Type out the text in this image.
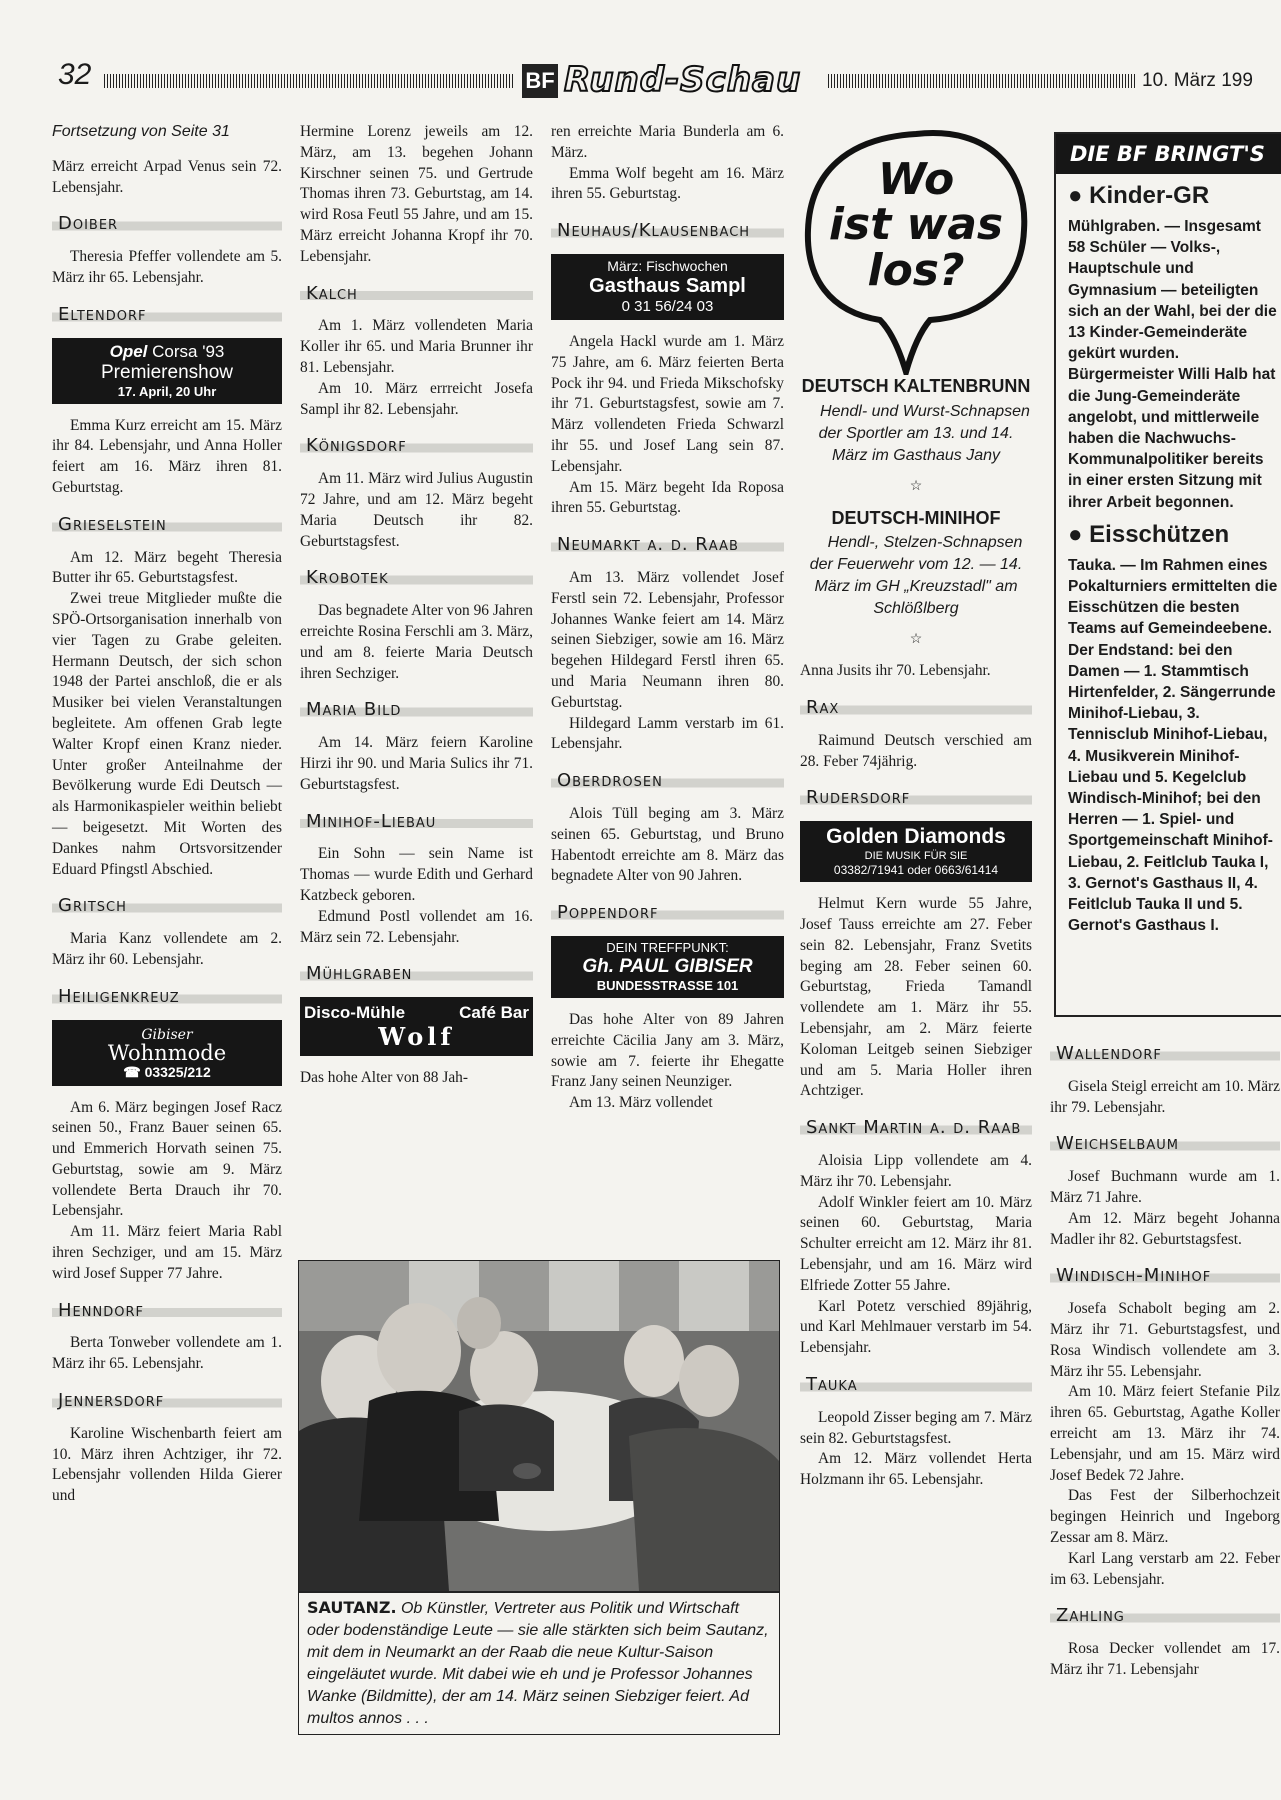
32	BF Rund-Schau	10. März 199
Fortsetzung von Seite 31

März erreicht Arpad Venus sein 72. Lebensjahr.

Doiber

Theresia Pfeffer vollendete am 5. März ihr 65. Lebensjahr.

Eltendorf
Opel Corsa '93
Premierenshow
17. April, 20 Uhr

Emma Kurz erreicht am 15. März ihr 84. Lebensjahr, und Anna Holler feiert am 16. März ihren 81. Geburtstag.

Grieselstein

Am 12. März begeht Theresia Butter ihr 65. Geburtstagsfest.

Zwei treue Mitglieder mußte die SPÖ-Ortsorganisation innerhalb von vier Tagen zu Grabe geleiten. Hermann Deutsch, der sich schon 1948 der Partei anschloß, die er als Musiker bei vielen Veranstaltungen begleitete. Am offenen Grab legte Walter Kropf einen Kranz nieder. Unter großer Anteilnahme der Bevölkerung wurde Edi Deutsch — als Harmonikaspieler weithin beliebt — beigesetzt. Mit Worten des Dankes nahm Ortsvorsitzender Eduard Pfingstl Abschied.

Gritsch

Maria Kanz vollendete am 2. März ihr 60. Lebensjahr.

Heiligenkreuz
Gibiser
Wohnmode
☎ 03325/212

Am 6. März begingen Josef Racz seinen 50., Franz Bauer seinen 65. und Emmerich Horvath seinen 75. Geburtstag, sowie am 9. März vollendete Berta Drauch ihr 70. Lebensjahr.

Am 11. März feiert Maria Rabl ihren Sechziger, und am 15. März wird Josef Supper 77 Jahre.

Henndorf

Berta Tonweber vollendete am 1. März ihr 65. Lebensjahr.

Jennersdorf

Karoline Wischenbarth feiert am 10. März ihren Achtziger, ihr 72. Lebensjahr vollenden Hilda Gierer und

Hermine Lorenz jeweils am 12. März, am 13. begehen Johann Kirschner seinen 75. und Gertrude Thomas ihren 73. Geburtstag, am 14. wird Rosa Feutl 55 Jahre, und am 15. März erreicht Johanna Kropf ihr 70. Lebensjahr.

Kalch

Am 1. März vollendeten Maria Koller ihr 65. und Maria Brunner ihr 81. Lebensjahr.

Am 10. März errreicht Josefa Sampl ihr 82. Lebensjahr.

Königsdorf

Am 11. März wird Julius Augustin 72 Jahre, und am 12. März begeht Maria Deutsch ihr 82. Geburtstagsfest.

Krobotek

Das begnadete Alter von 96 Jahren erreichte Rosina Ferschli am 3. März, und am 8. feierte Maria Deutsch ihren Sechziger.

Maria Bild

Am 14. März feiern Karoline Hirzi ihr 90. und Maria Sulics ihr 71. Geburtstagsfest.

Minihof-Liebau

Ein Sohn — sein Name ist Thomas — wurde Edith und Gerhard Katzbeck geboren.

Edmund Postl vollendet am 16. März sein 72. Lebensjahr.

Mühlgraben
Disco-Mühle	Café Bar
Wolf

Das hohe Alter von 88 Jah-

ren erreichte Maria Bunderla am 6. März.

Emma Wolf begeht am 16. März ihren 55. Geburtstag.

Neuhaus/Klausenbach
März: Fischwochen
Gasthaus Sampl
0 31 56/24 03

Angela Hackl wurde am 1. März 75 Jahre, am 6. März feierten Berta Pock ihr 94. und Frieda Mikschofsky ihr 71. Geburtstagsfest, sowie am 7. März vollendeten Frieda Schwarzl ihr 55. und Josef Lang sein 87. Lebensjahr.

Am 15. März begeht Ida Roposa ihren 55. Geburtstag.

Neumarkt a. d. Raab

Am 13. März vollendet Josef Ferstl sein 72. Lebensjahr, Professor Johannes Wanke feiert am 14. März seinen Siebziger, sowie am 16. März begehen Hildegard Ferstl ihren 65. und Maria Neumann ihren 80. Geburtstag.

Hildegard Lamm verstarb im 61. Lebensjahr.

Oberdrosen

Alois Tüll beging am 3. März seinen 65. Geburtstag, und Bruno Habentodt erreichte am 8. März das begnadete Alter von 90 Jahren.

Poppendorf
DEIN TREFFPUNKT:
Gh. PAUL GIBISER
BUNDESSTRASSE 101

Das hohe Alter von 89 Jahren erreichte Cäcilia Jany am 3. März, sowie am 7. feierte ihr Ehegatte Franz Jany seinen Neunziger.

Am 13. März vollendet

Wo
ist was
los?
DEUTSCH KALTENBRUNN

Hendl- und Wurst-Schnapsen der Sportler am 13. und 14. März im Gasthaus Jany

☆
DEUTSCH-MINIHOF

Hendl-, Stelzen-Schnapsen der Feuerwehr vom 12. — 14. März im GH „Kreuzstadl" am Schlößlberg

☆

Anna Jusits ihr 70. Lebensjahr.

Rax

Raimund Deutsch verschied am 28. Feber 74jährig.

Rudersdorf
Golden Diamonds
DIE MUSIK FÜR SIE
03382/71941 oder 0663/61414

Helmut Kern wurde 55 Jahre, Josef Tauss erreichte am 27. Feber sein 82. Lebensjahr, Franz Svetits beging am 28. Feber seinen 60. Geburtstag, Frieda Tamandl vollendete am 1. März ihr 55. Lebensjahr, am 2. März feierte Koloman Leitgeb seinen Siebziger und am 5. Maria Holler ihren Achtziger.

Sankt Martin a. d. Raab

Aloisia Lipp vollendete am 4. März ihr 70. Lebensjahr.

Adolf Winkler feiert am 10. März seinen 60. Geburtstag, Maria Schulter erreicht am 12. März ihr 81. Lebensjahr, und am 16. März wird Elfriede Zotter 55 Jahre.

Karl Potetz verschied 89jährig, und Karl Mehlmauer verstarb im 54. Lebensjahr.

Tauka

Leopold Zisser beging am 7. März sein 82. Geburtstagsfest.

Am 12. März vollendet Herta Holzmann ihr 65. Lebensjahr.

SAUTANZ. Ob Künstler, Vertreter aus Politik und Wirtschaft oder bodenständige Leute — sie alle stärkten sich beim Sautanz, mit dem in Neumarkt an der Raab die neue Kultur-Saison eingeläutet wurde. Mit dabei wie eh und je Professor Johannes Wanke (Bildmitte), der am 14. März seinen Siebziger feiert. Ad multos annos . . .
DIE BF BRINGT'S
● Kinder-GR

Mühlgraben. — Insgesamt 58 Schüler — Volks-, Hauptschule und Gymnasium — beteiligten sich an der Wahl, bei der die 13 Kinder-Gemeinderäte gekürt wurden. Bürgermeister Willi Halb hat die Jung-Gemeinderäte angelobt, und mittlerweile haben die Nachwuchs-Kommunalpolitiker bereits in einer ersten Sitzung mit ihrer Arbeit begonnen.

● Eisschützen

Tauka. — Im Rahmen eines Pokalturniers ermittelten die Eisschützen die besten Teams auf Gemeindeebene. Der Endstand: bei den Damen — 1. Stammtisch Hirtenfelder, 2. Sängerrunde Minihof-Liebau, 3. Tennisclub Minihof-Liebau, 4. Musikverein Minihof-Liebau und 5. Kegelclub Windisch-Minihof; bei den Herren — 1. Spiel- und Sportgemeinschaft Minihof-Liebau, 2. Feitlclub Tauka I, 3. Gernot's Gasthaus II, 4. Feitlclub Tauka II und 5. Gernot's Gasthaus I.

Wallendorf

Gisela Steigl erreicht am 10. März ihr 79. Lebensjahr.

Weichselbaum

Josef Buchmann wurde am 1. März 71 Jahre.

Am 12. März begeht Johanna Madler ihr 82. Geburtstagsfest.

Windisch-Minihof

Josefa Schabolt beging am 2. März ihr 71. Geburtstagsfest, und Rosa Windisch vollendete am 3. März ihr 55. Lebensjahr.

Am 10. März feiert Stefanie Pilz ihren 65. Geburtstag, Agathe Koller erreicht am 13. März ihr 74. Lebensjahr, und am 15. März wird Josef Bedek 72 Jahre.

Das Fest der Silberhochzeit begingen Heinrich und Ingeborg Zessar am 8. März.

Karl Lang verstarb am 22. Feber im 63. Lebensjahr.

Zahling

Rosa Decker vollendet am 17. März ihr 71. Lebensjahr
